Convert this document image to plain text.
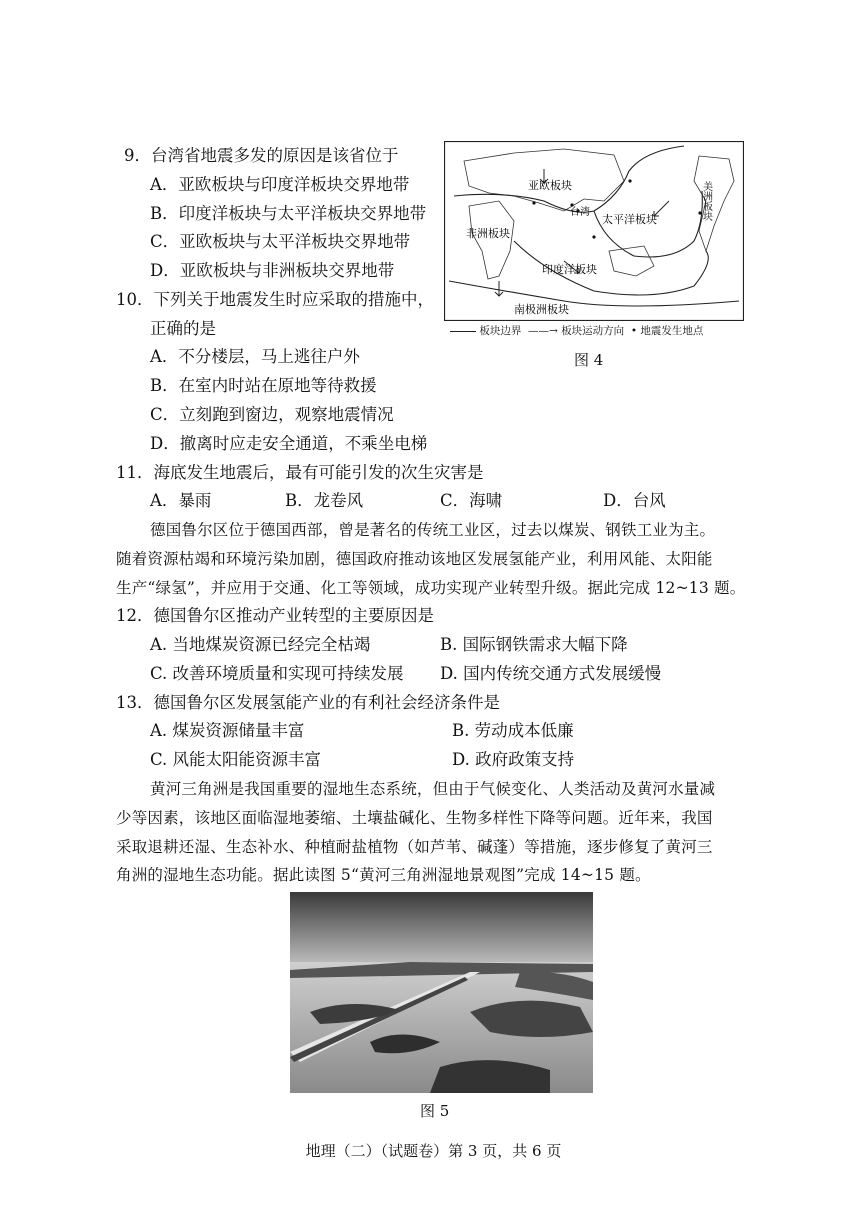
9．台湾省地震多发的原因是该省位于
A．亚欧板块与印度洋板块交界地带
B．印度洋板块与太平洋板块交界地带
C．亚欧板块与太平洋板块交界地带
D．亚欧板块与非洲板块交界地带
10．下列关于地震发生时应采取的措施中，
正确的是
A．不分楼层，马上逃往户外
B．在室内时站在原地等待救援
C．立刻跑到窗边，观察地震情况
D．撤离时应走安全通道，不乘坐电梯
亚欧板块
台湾
太平洋板块
非洲板块
印度洋板块
南极洲板块
美洲板块
板块边界 ——→ 板块运动方向 • 地震发生地点
图 4
11．海底发生地震后，最有可能引发的次生灾害是
A．暴雨	B．龙卷风	C．海啸	D．台风
德国鲁尔区位于德国西部，曾是著名的传统工业区，过去以煤炭、钢铁工业为主。
随着资源枯竭和环境污染加剧，德国政府推动该地区发展氢能产业，利用风能、太阳能
生产“绿氢”，并应用于交通、化工等领域，成功实现产业转型升级。据此完成 12~13 题。
12．德国鲁尔区推动产业转型的主要原因是
A. 当地煤炭资源已经完全枯竭	B. 国际钢铁需求大幅下降
C. 改善环境质量和实现可持续发展 D. 国内传统交通方式发展缓慢
13．德国鲁尔区发展氢能产业的有利社会经济条件是
A. 煤炭资源储量丰富	B. 劳动成本低廉
C. 风能太阳能资源丰富	D. 政府政策支持
黄河三角洲是我国重要的湿地生态系统，但由于气候变化、人类活动及黄河水量减
少等因素，该地区面临湿地萎缩、土壤盐碱化、生物多样性下降等问题。近年来，我国
采取退耕还湿、生态补水、种植耐盐植物（如芦苇、碱蓬）等措施，逐步修复了黄河三
角洲的湿地生态功能。据此读图 5“黄河三角洲湿地景观图”完成 14~15 题。
图 5
地理（二）（试题卷）第 3 页，共 6 页
